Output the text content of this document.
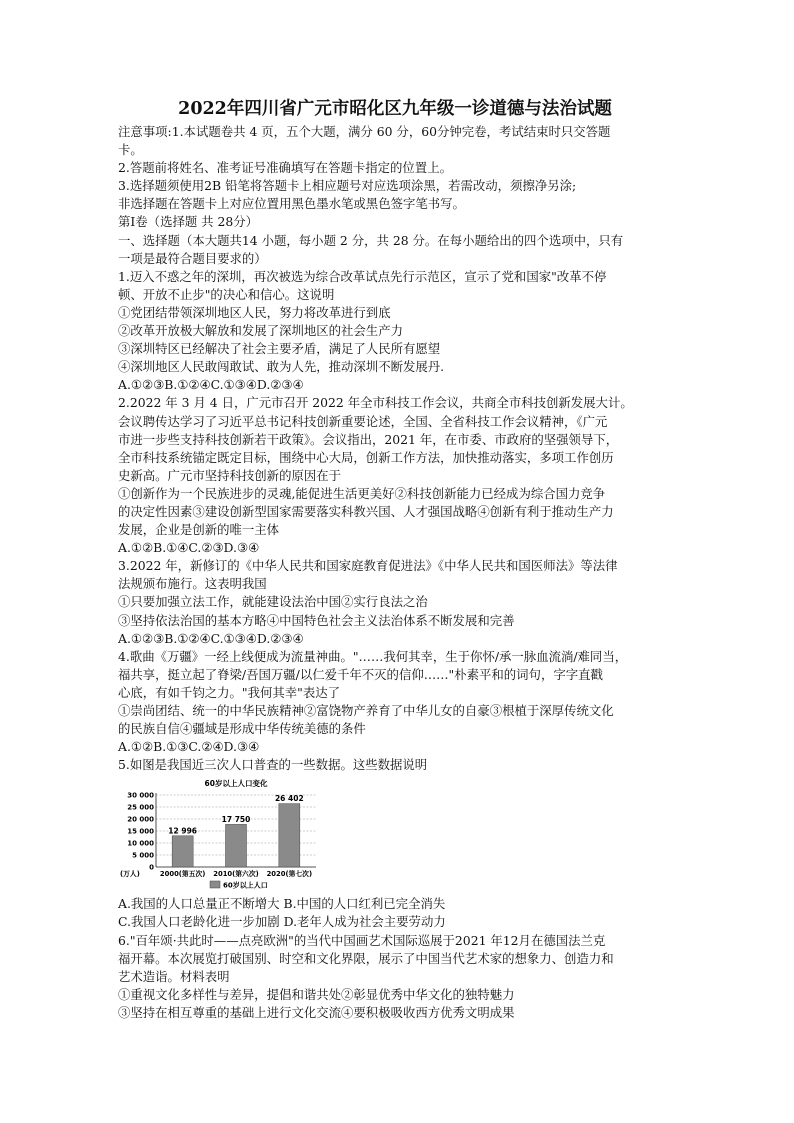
2022年四川省广元市昭化区九年级一诊道德与法治试题
注意事项:1.本试题卷共 4 页，五个大题，满分 60 分，60分钟完卷，考试结束时只交答题
卡。
2.答题前将姓名、准考证号准确填写在答题卡指定的位置上。
3.选择题须使用2B 铅笔将答题卡上相应题号对应选项涂黑，若需改动，须擦净另涂;
非选择题在答题卡上对应位置用黑色墨水笔或黑色签字笔书写。
第Ⅰ卷（选择题 共 28分）
一、选择题（本大题共14 小题，每小题 2 分，共 28 分。在每小题给出的四个选项中，只有
一项是最符合题目要求的）
1.迈入不惑之年的深圳，再次被选为综合改革试点先行示范区，宣示了党和国家"改革不停
顿、开放不止步"的决心和信心。这说明
①党团结带领深圳地区人民，努力将改革进行到底
②改革开放极大解放和发展了深圳地区的社会生产力
③深圳特区已经解决了社会主要矛盾，满足了人民所有愿望
④深圳地区人民敢闯敢试、敢为人先，推动深圳不断发展丹.
A.①②③B.①②④C.①③④D.②③④
2.2022 年 3 月 4 日，广元市召开 2022 年全市科技工作会议，共商全市科技创新发展大计。
会议聘传达学习了习近平总书记科技创新重要论述，全国、全省科技工作会议精神，《广元
市进一步些支持科技创新若干政策》。会议指出，2021 年，在市委、市政府的坚强领导下，
全市科技系统锚定既定目标，围绕中心大局，创新工作方法，加快推动落实，多项工作创历
史新高。广元市坚持科技创新的原因在于
①创新作为一个民族进步的灵魂,能促进生活更美好②科技创新能力已经成为综合国力竞争
的决定性因素③建设创新型国家需要落实科教兴国、人才强国战略④创新有利于推动生产力
发展，企业是创新的唯一主体
A.①②B.①④C.②③D.③④
3.2022 年，新修订的《中华人民共和国家庭教育促进法》《中华人民共和国医师法》等法律
法规颁布施行。这表明我国
①只要加强立法工作，就能建设法治中国②实行良法之治
③坚持依法治国的基本方略④中国特色社会主义法治体系不断发展和完善
A.①②③B.①②④C.①③④D.②③④
4.歌曲《万疆》一经上线便成为流量神曲。"……我何其幸，生于你怀/承一脉血流淌/难同当，
福共享，挺立起了脊梁/吾国万疆/以仁爱千年不灭的信仰……"朴素平和的词句，字字直戳
心底，有如千钧之力。"我何其幸"表达了
①崇尚团结、统一的中华民族精神②富饶物产养育了中华儿女的自豪③根植于深厚传统文化
的民族自信④疆域是形成中华传统美德的条件
A.①②B.①③C.②④D.③④
5.如图是我国近三次人口普查的一些数据。这些数据说明
60岁以上人口变化
0
5 000
10 000
15 000
20 000
25 000
30 000
12 996
2000(第五次)
17 750
2010(第六次)
26 402
2020(第七次)
(万人)
60岁以上人口
A.我国的人口总量正不断增大 B.中国的人口红利已完全消失
C.我国人口老龄化进一步加剧 D.老年人成为社会主要劳动力
6."百年颂·共此时——点亮欧洲"的当代中国画艺术国际巡展于2021 年12月在德国法兰克
福开幕。本次展览打破国别、时空和文化界限，展示了中国当代艺术家的想象力、创造力和
艺术造诣。材料表明
①重视文化多样性与差异，提倡和谐共处②彰显优秀中华文化的独特魅力
③坚持在相互尊重的基础上进行文化交流④要积极吸收西方优秀文明成果
